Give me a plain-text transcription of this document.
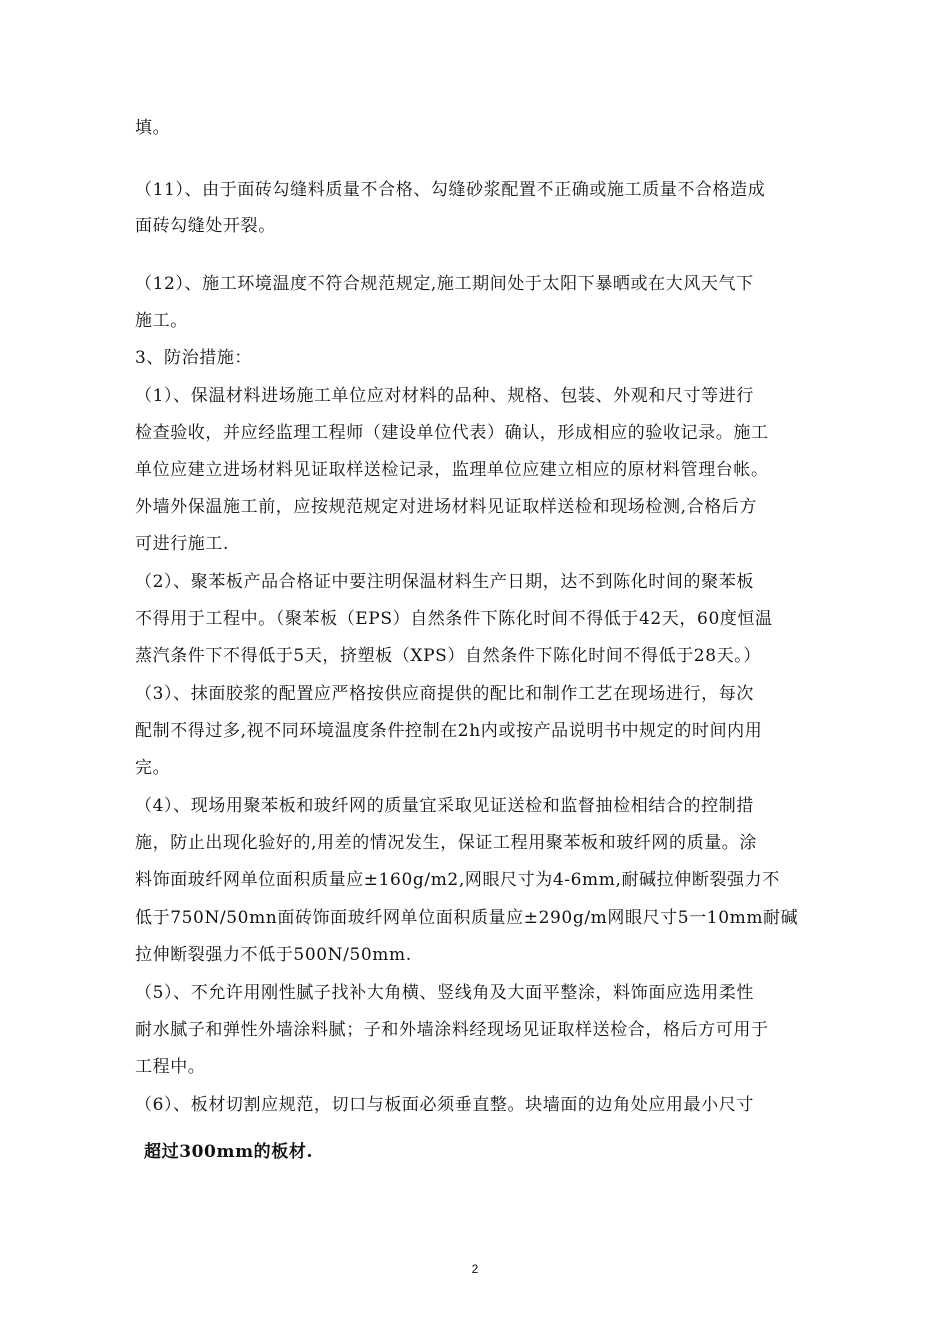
填。
（11）、由于面砖勾缝料质量不合格、勾缝砂浆配置不正确或施工质量不合格造成
面砖勾缝处开裂。
（12）、施工环境温度不符合规范规定,施工期间处于太阳下暴晒或在大风天气下
施工。
3、防治措施：
（1）、保温材料进场施工单位应对材料的品种、规格、包装、外观和尺寸等进行
检查验收，并应经监理工程师（建设单位代表）确认，形成相应的验收记录。施工
单位应建立进场材料见证取样送检记录，监理单位应建立相应的原材料管理台帐。
外墙外保温施工前，应按规范规定对进场材料见证取样送检和现场检测,合格后方
可进行施工.
（2）、聚苯板产品合格证中要注明保温材料生产日期，达不到陈化时间的聚苯板
不得用于工程中。（聚苯板（EPS）自然条件下陈化时间不得低于42天，60度恒温
蒸汽条件下不得低于5天，挤塑板（XPS）自然条件下陈化时间不得低于28天。）
（3）、抹面胶浆的配置应严格按供应商提供的配比和制作工艺在现场进行，每次
配制不得过多,视不同环境温度条件控制在2h内或按产品说明书中规定的时间内用
完。
（4）、现场用聚苯板和玻纤网的质量宜采取见证送检和监督抽检相结合的控制措
施，防止出现化验好的,用差的情况发生，保证工程用聚苯板和玻纤网的质量。涂
料饰面玻纤网单位面积质量应±160g/m2,网眼尺寸为4-6mm,耐碱拉伸断裂强力不
低于750N/50mn面砖饰面玻纤网单位面积质量应±290g/m网眼尺寸5一10mm耐碱
拉伸断裂强力不低于500N/50mm.
（5）、不允许用刚性腻子找补大角横、竖线角及大面平整涂，料饰面应选用柔性
耐水腻子和弹性外墙涂料腻；子和外墙涂料经现场见证取样送检合，格后方可用于
工程中。
（6）、板材切割应规范，切口与板面必须垂直整。块墙面的边角处应用最小尺寸
超过300mm的板材.
2
